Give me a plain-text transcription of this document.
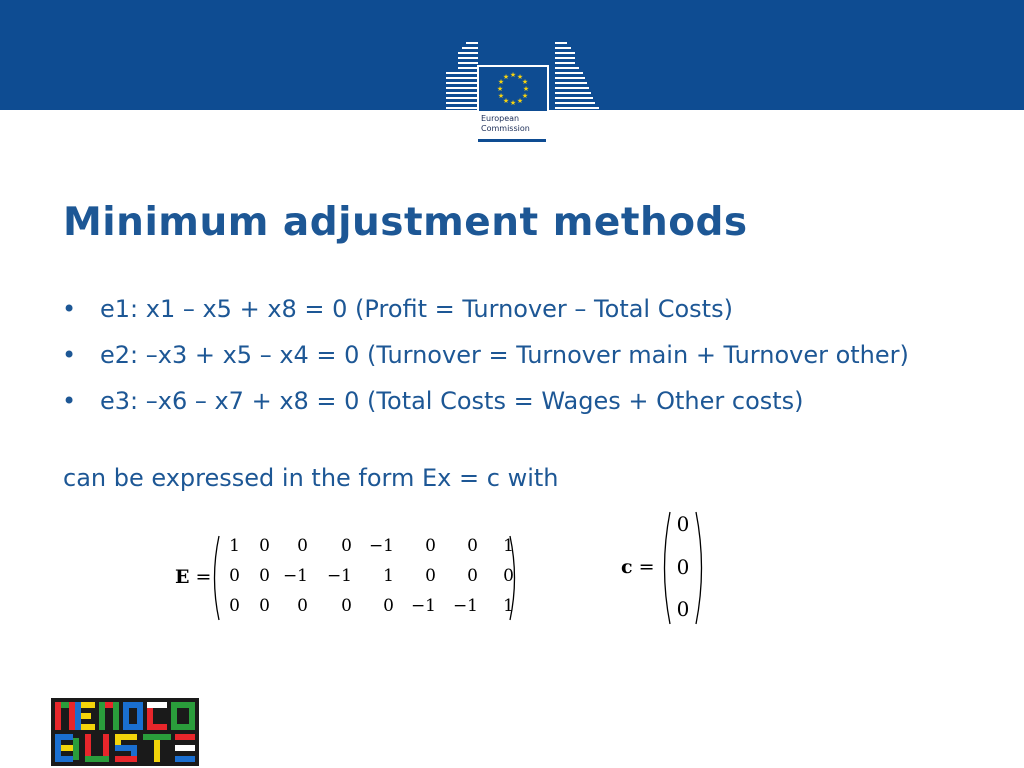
★ ★
★
★
★
★
★
★
★
★
★
★
European
Commission
Minimum adjustment methods
• e1: x1 – x5 + x8 = 0 (Profit = Turnover – Total Costs)
• e2: –x3 + x5 – x4 = 0 (Turnover = Turnover main + Turnover other)
• e3: –x6 – x7 + x8 = 0 (Total Costs = Wages + Other costs)
can be expressed in the form Ex = c with
E =
1	0	0	0 −1	0	0	1
0	0 −1 −1	1	0	0	0
0	0	0	0	0 −1 −1	1
c =
0
0
0
